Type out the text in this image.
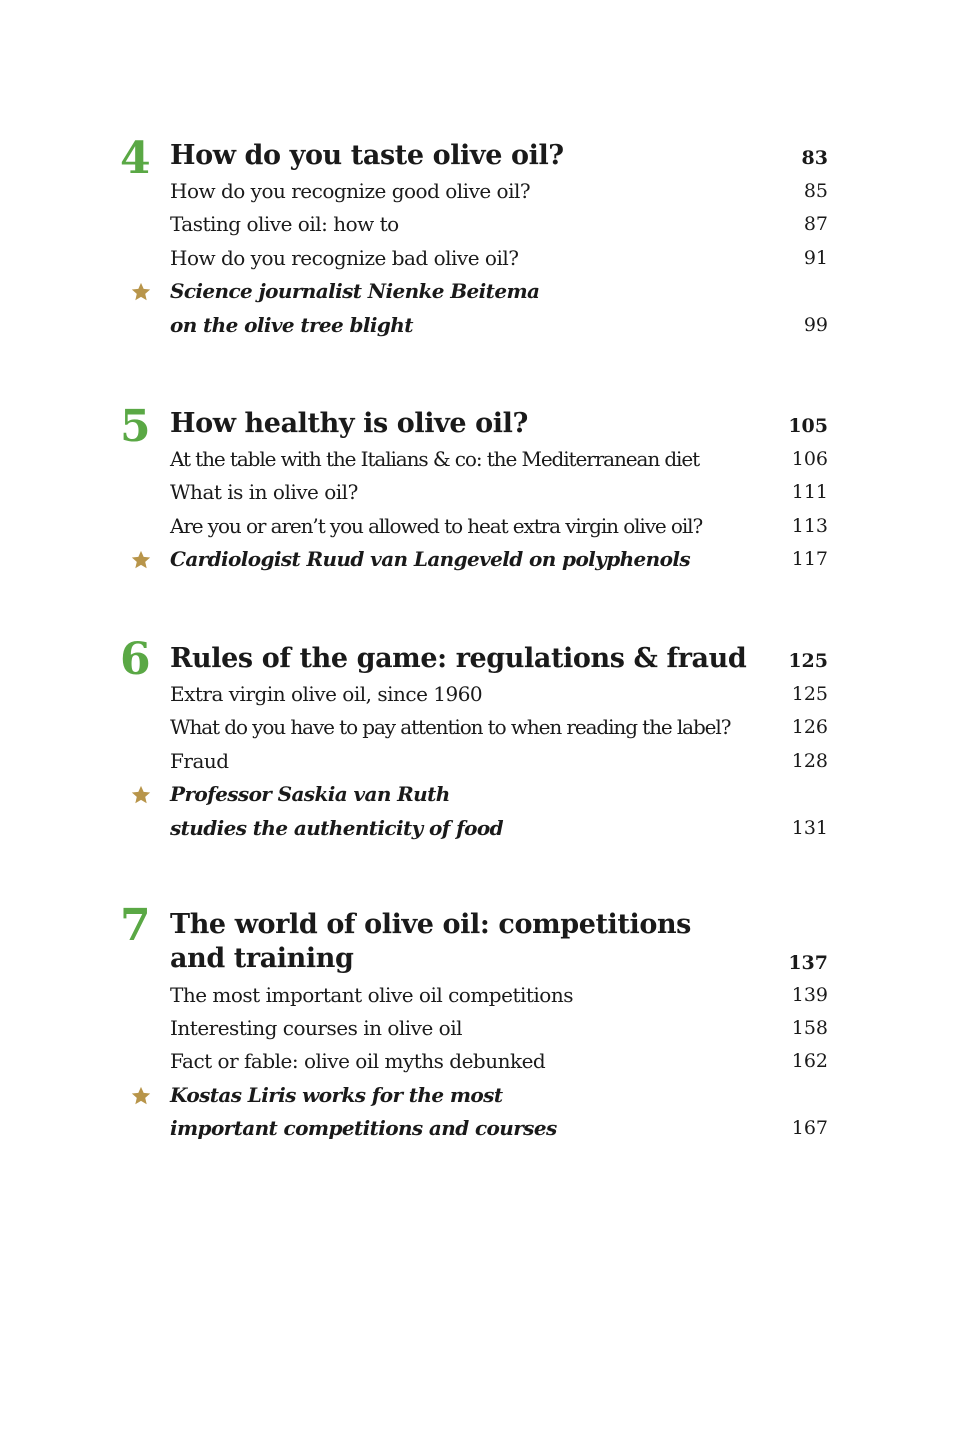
4 How do you taste olive oil?	83
How do you recognize good olive oil?	85
Tasting olive oil: how to	87
How do you recognize bad olive oil?	91
Science journalist Nienke Beitema
on the olive tree blight	99
5 How healthy is olive oil?	105
At the table with the Italians & co: the Mediterranean diet	106
What is in olive oil?	111
Are you or aren’t you allowed to heat extra virgin olive oil?	113
Cardiologist Ruud van Langeveld on polyphenols	117
6 Rules of the game: regulations & fraud	125
Extra virgin olive oil, since 1960	125
What do you have to pay attention to when reading the label?	126
Fraud	128
Professor Saskia van Ruth
studies the authenticity of food	131
7 The world of olive oil: competitions
and training	137
The most important olive oil competitions	139
Interesting courses in olive oil	158
Fact or fable: olive oil myths debunked	162
Kostas Liris works for the most
important competitions and courses	167
